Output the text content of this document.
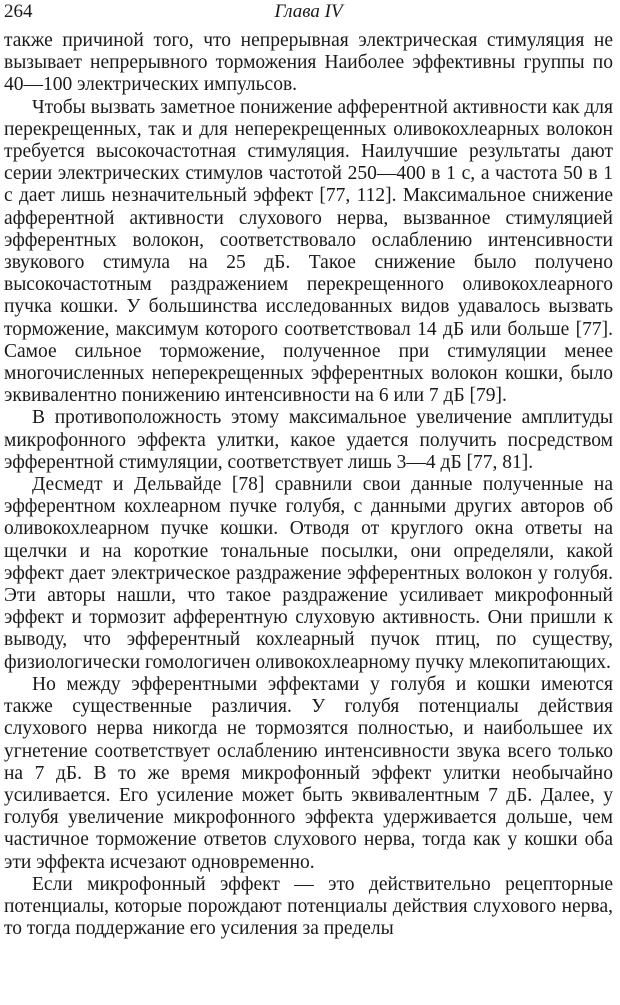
264	Глава IV

также причиной того, что непрерывная электрическая стимуляция не вызывает непрерывного торможения Наиболее эффективны группы по 40—100 электрических импульсов.

Чтобы вызвать заметное понижение афферентной активности как для перекрещенных, так и для неперекрещенных оливокохлеарных волокон требуется высокочастотная стимуляция. Наилучшие результаты дают серии электрических стимулов частотой 250—400 в 1 с, а частота 50 в 1 с дает лишь незначительный эффект [77, 112]. Максимальное снижение афферентной активности слухового нерва, вызванное стимуляцией эфферентных волокон, соответствовало ослаблению интенсивности звукового стимула на 25 дБ. Такое снижение было получено высокочастотным раздражением перекрещенного оливокохлеарного пучка кошки. У большинства исследованных видов удавалось вызвать торможение, максимум которого соответствовал 14 дБ или больше [77]. Самое сильное торможение, полученное при стимуляции менее многочисленных неперекрещенных эфферентных волокон кошки, было эквивалентно понижению интенсивности на 6 или 7 дБ [79].

В противоположность этому максимальное увеличение амплитуды микрофонного эффекта улитки, какое удается получить посредством эфферентной стимуляции, соответствует лишь 3—4 дБ [77, 81].

Десмедт и Дельвайде [78] сравнили свои данные полученные на эфферентном кохлеарном пучке голубя, с данными других авторов об оливокохлеарном пучке кошки. Отводя от круглого окна ответы на щелчки и на короткие тональные посылки, они определяли, какой эффект дает электрическое раздражение эфферентных волокон у голубя. Эти авторы нашли, что такое раздражение усиливает микрофонный эффект и тормозит афферентную слуховую активность. Они пришли к выводу, что эфферентный кохлеарный пучок птиц, по существу, физиологически гомологичен оливокохлеарному пучку млекопитающих.

Но между эфферентными эффектами у голубя и кошки имеются также существенные различия. У голубя потенциалы действия слухового нерва никогда не тормозятся полностью, и наибольшее их угнетение соответствует ослаблению интенсивности звука всего только на 7 дБ. В то же время микрофонный эффект улитки необычайно усиливается. Его усиление может быть эквивалентным 7 дБ. Далее, у голубя увеличение микрофонного эффекта удерживается дольше, чем частичное торможение ответов слухового нерва, тогда как у кошки оба эти эффекта исчезают одновременно.

Если микрофонный эффект — это действительно рецепторные потенциалы, которые порождают потенциалы действия слухового нерва, то тогда поддержание его усиления за пределы
